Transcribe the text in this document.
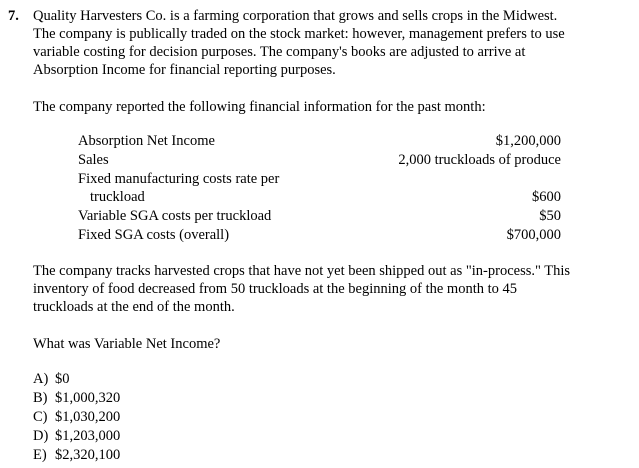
7. Quality Harvesters Co. is a farming corporation that grows and sells crops in the Midwest.
The company is publically traded on the stock market: however, management prefers to use
variable costing for decision purposes. The company's books are adjusted to arrive at
Absorption Income for financial reporting purposes.
The company reported the following financial information for the past month:
Absorption Net Income	$1,200,000
Sales	2,000 truckloads of produce
Fixed manufacturing costs rate per
truckload	$600
Variable SGA costs per truckload	$50
Fixed SGA costs (overall)	$700,000
The company tracks harvested crops that have not yet been shipped out as "in-process." This
inventory of food decreased from 50 truckloads at the beginning of the month to 45
truckloads at the end of the month.
What was Variable Net Income?
A) $0
B) $1,000,320
C) $1,030,200
D) $1,203,000
E) $2,320,100
